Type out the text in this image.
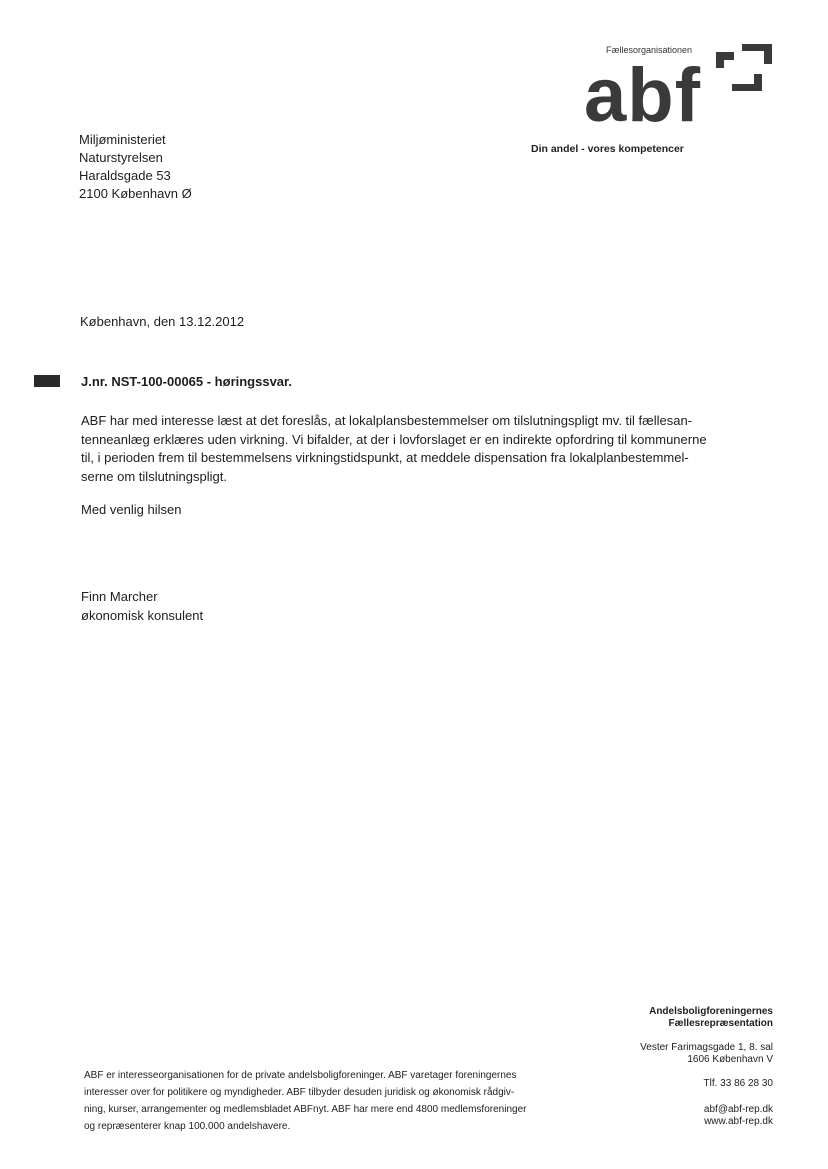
Fællesorganisationen
abf
Din andel - vores kompetencer
Miljøministeriet
Naturstyrelsen
Haraldsgade 53
2100 København Ø
København, den 13.12.2012
J.nr. NST-100-00065 - høringssvar.
ABF har med interesse læst at det foreslås, at lokalplansbestemmelser om tilslutningspligt mv. til fællesan-
tenneanlæg erklæres uden virkning. Vi bifalder, at der i lovforslaget er en indirekte opfordring til kommunerne
til, i perioden frem til bestemmelsens virkningstidspunkt, at meddele dispensation fra lokalplanbestemmel-
serne om tilslutningspligt.
Med venlig hilsen
Finn Marcher
økonomisk konsulent
Andelsboligforeningernes
Fællesrepræsentation
Vester Farimagsgade 1, 8. sal
1606 København V
Tlf. 33 86 28 30
abf@abf-rep.dk
www.abf-rep.dk
ABF er interesseorganisationen for de private andelsboligforeninger. ABF varetager foreningernes
interesser over for politikere og myndigheder. ABF tilbyder desuden juridisk og økonomisk rådgiv-
ning, kurser, arrangementer og medlemsbladet ABFnyt. ABF har mere end 4800 medlemsforeninger
og repræsenterer knap 100.000 andelshavere.
